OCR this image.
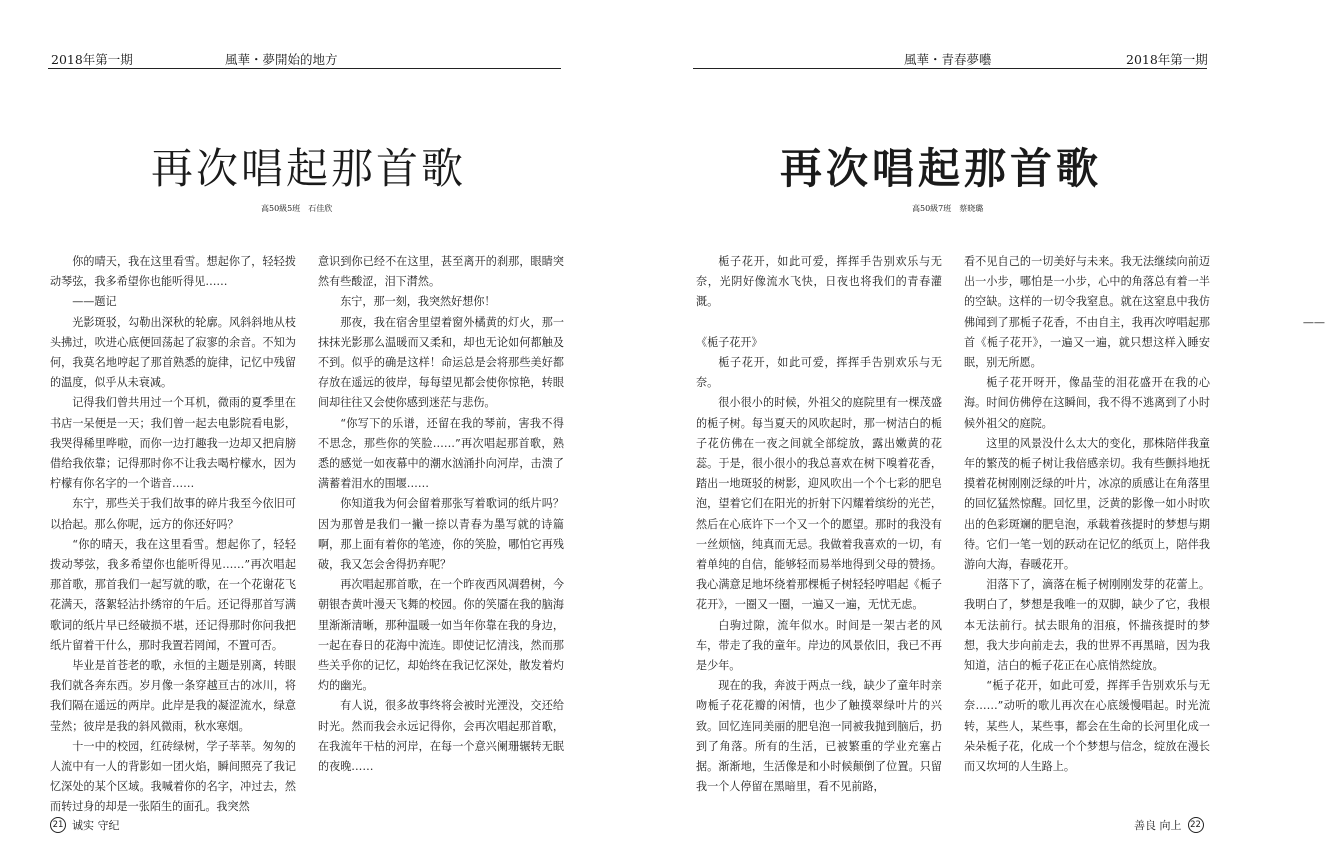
2018年第一期	風華・夢開始的地方
再次唱起那首歌
高50級5班　石佳欣

你的晴天，我在这里看雪。想起你了，轻轻拨动琴弦，我多希望你也能听得见……

——题记

光影斑驳，勾勒出深秋的轮廓。风斜斜地从枝头拂过，吹进心底便回荡起了寂寥的余音。不知为何，我莫名地哼起了那首熟悉的旋律，记忆中残留的温度，似乎从未衰减。

记得我们曾共用过一个耳机，微雨的夏季里在书店一呆便是一天；我们曾一起去电影院看电影，我哭得稀里哗啦，而你一边打趣我一边却又把肩膀借给我依靠；记得那时你不让我去喝柠檬水，因为柠檬有你名字的一个谐音……

东宁，那些关于我们故事的碎片我至今依旧可以拾起。那么你呢，远方的你还好吗？

“你的晴天，我在这里看雪。想起你了，轻轻拨动琴弦，我多希望你也能听得见……”再次唱起那首歌，那首我们一起写就的歌，在一个花谢花飞花满天，落絮轻沾扑绣帘的午后。还记得那首写满歌词的纸片早已经破损不堪，还记得那时你问我把纸片留着干什么，那时我置若罔闻，不置可否。

毕业是首苍老的歌，永恒的主题是别离，转眼我们就各奔东西。岁月像一条穿越亘古的冰川，将我们隔在遥远的两岸。此岸是我的凝涩流水，绿意莹然；彼岸是我的斜风微雨，秋水寒烟。

十一中的校园，红砖绿树，学子莘莘。匆匆的人流中有一人的背影如一团火焰，瞬间照亮了我记忆深处的某个区域。我喊着你的名字，冲过去，然而转过身的却是一张陌生的面孔。我突然

意识到你已经不在这里，甚至离开的刹那，眼睛突然有些酸涩，泪下潸然。

东宁，那一刻，我突然好想你！

那夜，我在宿舍里望着窗外橘黄的灯火，那一抹抹光影那么温暖而又柔和，却也无论如何都触及不到。似乎的确是这样！命运总是会将那些美好都存放在遥远的彼岸，每每望见都会使你惊艳，转眼间却往往又会使你感到迷茫与悲伤。

“你写下的乐谱，还留在我的琴前，害我不得不思念，那些你的笑脸……”再次唱起那首歌，熟悉的感觉一如夜幕中的潮水汹涌扑向河岸，击溃了满蓄着泪水的围堰……

你知道我为何会留着那张写着歌词的纸片吗？因为那曾是我们一撇一捺以青春为墨写就的诗篇啊，那上面有着你的笔迹，你的笑脸，哪怕它再残破，我又怎会舍得扔弃呢？

再次唱起那首歌，在一个昨夜西风凋碧树，今朝银杏黄叶漫天飞舞的校园。你的笑靥在我的脑海里渐渐清晰，那种温暖一如当年你靠在我的身边，一起在春日的花海中流连。即使记忆清浅，然而那些关乎你的记忆，却始终在我记忆深处，散发着灼灼的幽光。

有人说，很多故事终将会被时光湮没，交还给时光。然而我会永远记得你，会再次唱起那首歌，在我流年干枯的河岸，在每一个意兴阑珊辗转无眠的夜晚……

21 诚实 守纪
風華・青春夢囈	2018年第一期
再次唱起那首歌
高50級7班　蔡晓璐

栀子花开，如此可爱，挥挥手告别欢乐与无奈，光阴好像流水飞快，日夜也将我们的青春灌溉。

——

《栀子花开》

栀子花开，如此可爱，挥挥手告别欢乐与无奈。

很小很小的时候，外祖父的庭院里有一棵茂盛的栀子树。每当夏天的风吹起时，那一树洁白的栀子花仿佛在一夜之间就全部绽放，露出嫩黄的花蕊。于是，很小很小的我总喜欢在树下嗅着花香，踏出一地斑驳的树影，迎风吹出一个个七彩的肥皂泡，望着它们在阳光的折射下闪耀着缤纷的光芒，然后在心底许下一个又一个的愿望。那时的我没有一丝烦恼，纯真而无忌。我做着我喜欢的一切，有着单纯的自信，能够轻而易举地得到父母的赞扬。我心满意足地坏绕着那棵栀子树轻轻哼唱起《栀子花开》，一圈又一圈，一遍又一遍，无忧无虑。

白驹过隙，流年似水。时间是一架古老的风车，带走了我的童年。岸边的风景依旧，我已不再是少年。

现在的我，奔波于两点一线，缺少了童年时亲吻栀子花花瓣的闲情，也少了触摸翠绿叶片的兴致。回忆连同美丽的肥皂泡一同被我抛到脑后，扔到了角落。所有的生活，已被繁重的学业充塞占据。渐渐地，生活像是和小时候颠倒了位置。只留我一个人停留在黑暗里，看不见前路，

看不见自己的一切美好与未来。我无法继续向前迈出一小步，哪怕是一小步，心中的角落总有着一半的空缺。这样的一切令我窒息。就在这窒息中我仿佛闻到了那栀子花香，不由自主，我再次哼唱起那首《栀子花开》，一遍又一遍，就只想这样入睡安眠，别无所愿。

栀子花开呀开，像晶莹的泪花盛开在我的心海。时间仿佛停在这瞬间，我不得不逃离到了小时候外祖父的庭院。

这里的风景没什么太大的变化，那株陪伴我童年的繁茂的栀子树让我倍感亲切。我有些颤抖地抚摸着花树刚刚泛绿的叶片，冰凉的质感让在角落里的回忆猛然惊醒。回忆里，泛黄的影像一如小时吹出的色彩斑斓的肥皂泡，承载着孩提时的梦想与期待。它们一笔一划的跃动在记忆的纸页上，陪伴我游向大海，春暖花开。

泪落下了，滴落在栀子树刚刚发芽的花蕾上。我明白了，梦想是我唯一的双脚，缺少了它，我根本无法前行。拭去眼角的泪痕，怀揣孩提时的梦想，我大步向前走去，我的世界不再黑暗，因为我知道，洁白的栀子花正在心底悄然绽放。

“栀子花开，如此可爱，挥挥手告别欢乐与无奈……”动听的歌儿再次在心底缓慢唱起。时光流转，某些人，某些事，都会在生命的长河里化成一朵朵栀子花，化成一个个梦想与信念，绽放在漫长而又坎坷的人生路上。

善良 向上	22
